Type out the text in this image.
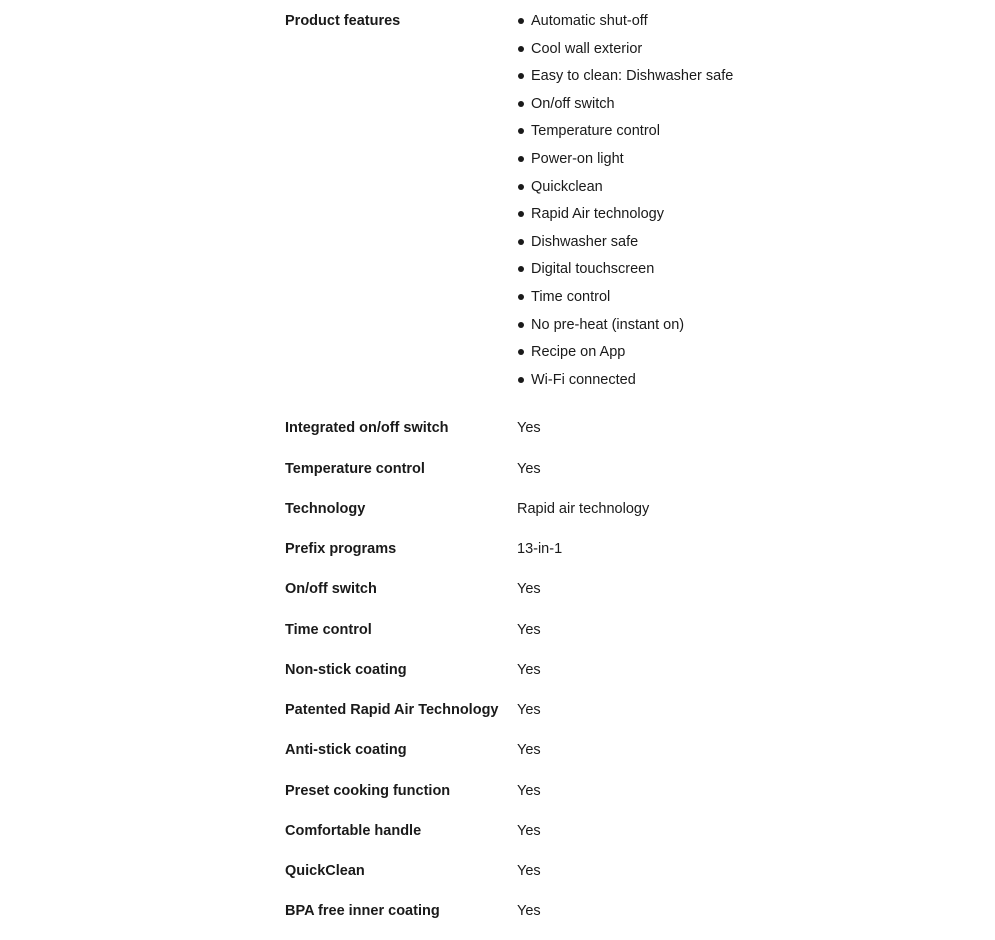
Product features	Automatic shut-off
Cool wall exterior
Easy to clean: Dishwasher safe
On/off switch
Temperature control
Power-on light
Quickclean
Rapid Air technology
Dishwasher safe
Digital touchscreen
Time control
No pre-heat (instant on)
Recipe on App
Wi-Fi connected
Integrated on/off switch	Yes
Temperature control	Yes
Technology	Rapid air technology
Prefix programs	13-in-1
On/off switch	Yes
Time control	Yes
Non-stick coating	Yes
Patented Rapid Air Technology	Yes
Anti-stick coating	Yes
Preset cooking function	Yes
Comfortable handle	Yes
QuickClean	Yes
BPA free inner coating	Yes
